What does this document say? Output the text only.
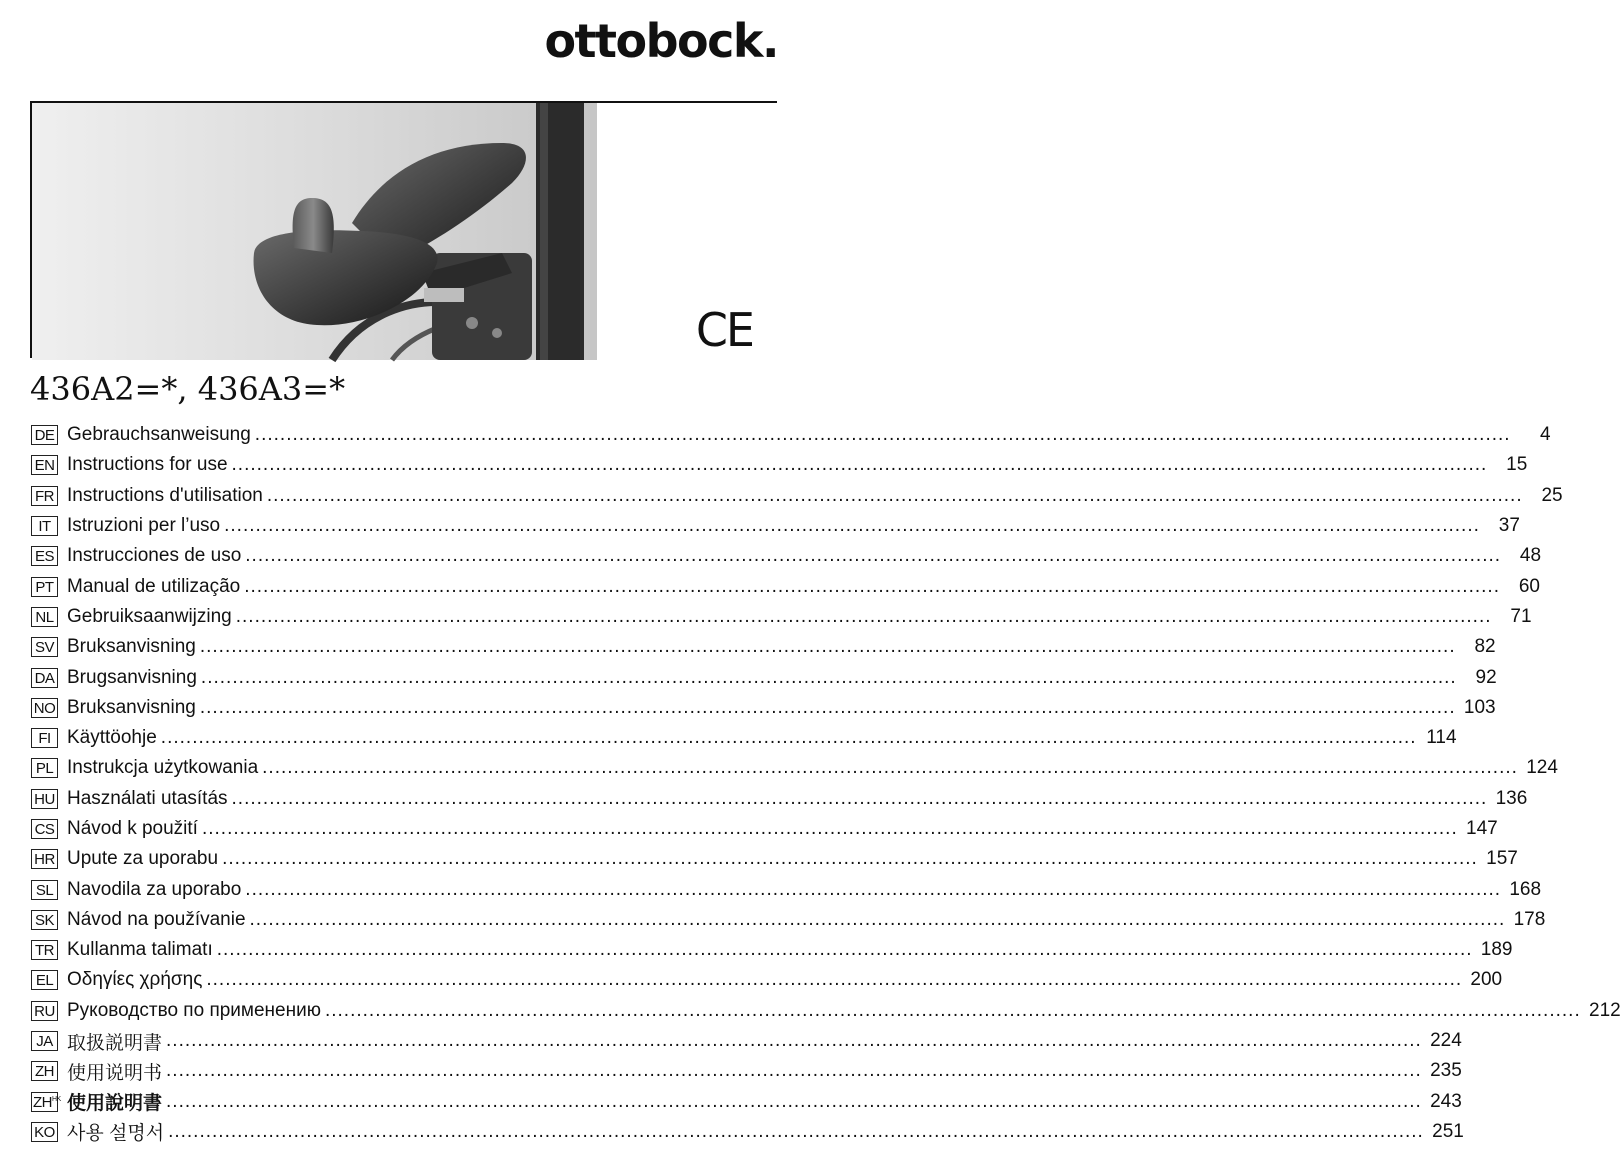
ottobock.
CE
436A2=*, 436A3=*
DE Gebrauchsanweisung ........................................................................................................................................................................................................	4
EN Instructions for use ........................................................................................................................................................................................................ 15
FR Instructions d'utilisation ........................................................................................................................................................................................................ 25
IT Istruzioni per l’uso ........................................................................................................................................................................................................ 37
ES Instrucciones de uso ........................................................................................................................................................................................................ 48
PT Manual de utilização ........................................................................................................................................................................................................ 60
NL Gebruiksaanwijzing ........................................................................................................................................................................................................ 71
SV Bruksanvisning ........................................................................................................................................................................................................ 82
DA Brugsanvisning ........................................................................................................................................................................................................ 92
NO Bruksanvisning ........................................................................................................................................................................................................ 103
FI Käyttöohje ........................................................................................................................................................................................................ 114
PL Instrukcja użytkowania ........................................................................................................................................................................................................ 124
HU Használati utasítás ........................................................................................................................................................................................................ 136
CS Návod k použití ........................................................................................................................................................................................................ 147
HR Upute za uporabu ........................................................................................................................................................................................................ 157
SL Navodila za uporabo ........................................................................................................................................................................................................ 168
SK Návod na používanie ........................................................................................................................................................................................................ 178
TR Kullanma talimatı ........................................................................................................................................................................................................ 189
EL Οδηγίες χρήσης ........................................................................................................................................................................................................ 200
RU Руководство по применению ........................................................................................................................................................................................................ 212
JA 取扱説明書 ........................................................................................................................................................................................................ 224
ZH 使用说明书 ........................................................................................................................................................................................................ 235
$ZH^{HK}$ 使用說明書 ........................................................................................................................................................................................................ 243
KO 사용 설명서 ........................................................................................................................................................................................................ 251
